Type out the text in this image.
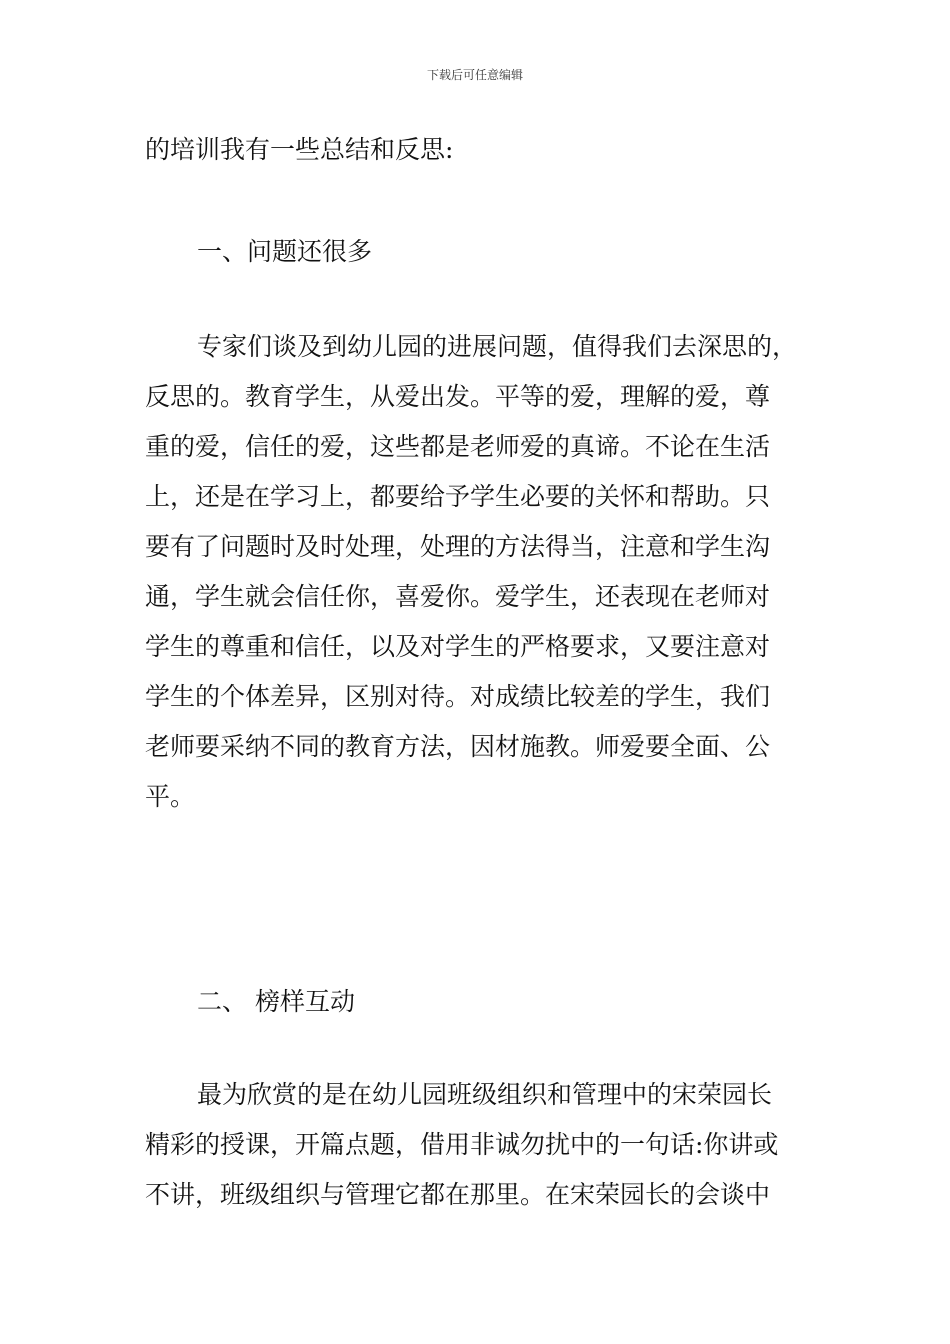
下载后可任意编辑

的培训我有一些总结和反思:

一、问题还很多

专家们谈及到幼儿园的进展问题，值得我们去深思的，
反思的。教育学生，从爱出发。平等的爱，理解的爱，尊
重的爱，信任的爱，这些都是老师爱的真谛。不论在生活
上，还是在学习上，都要给予学生必要的关怀和帮助。只
要有了问题时及时处理，处理的方法得当，注意和学生沟
通，学生就会信任你，喜爱你。爱学生，还表现在老师对
学生的尊重和信任，以及对学生的严格要求，又要注意对
学生的个体差异，区别对待。对成绩比较差的学生，我们
老师要采纳不同的教育方法，因材施教。师爱要全面、公
平。

二、 榜样互动

最为欣赏的是在幼儿园班级组织和管理中的宋荣园长
精彩的授课，开篇点题，借用非诚勿扰中的一句话:你讲或
不讲，班级组织与管理它都在那里。在宋荣园长的会谈中
